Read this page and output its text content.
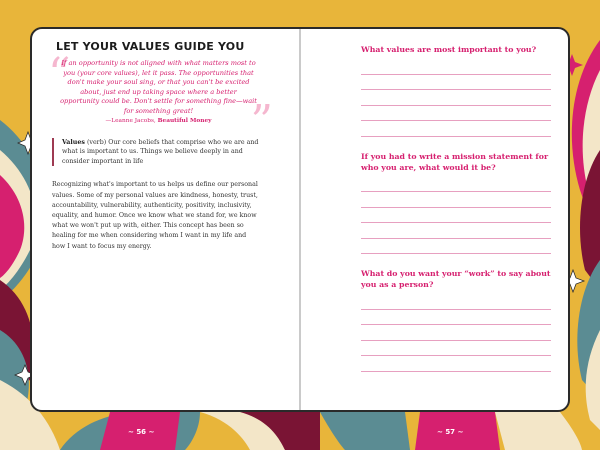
LET YOUR VALUES GUIDE YOU
“

If an opportunity is not aligned with what matters most to you (your core values), let it pass. The opportunities that don't make your soul sing, or that you can't be excited about, just end up taking space where a better opportunity could be. Don't settle for something fine—wait for something great!

—Leanne Jacobs, Beautiful Money ”
Values (verb) Our core beliefs that comprise who we are and what is important to us. Things we believe deeply in and consider important in life

Recognizing what's important to us helps us define our personal values. Some of my personal values are kindness, honesty, trust, accountability, vulnerability, authenticity, positivity, inclusivity, equality, and humor. Once we know what we stand for, we know what we won't put up with, either. This concept has been so healing for me when considering whom I want in my life and how I want to focus my energy.

What values are most important to you?

If you had to write a mission statement for who you are, what would it be?

What do you want your “work” to say about you as a person?

~ 56 ~	~ 57 ~
